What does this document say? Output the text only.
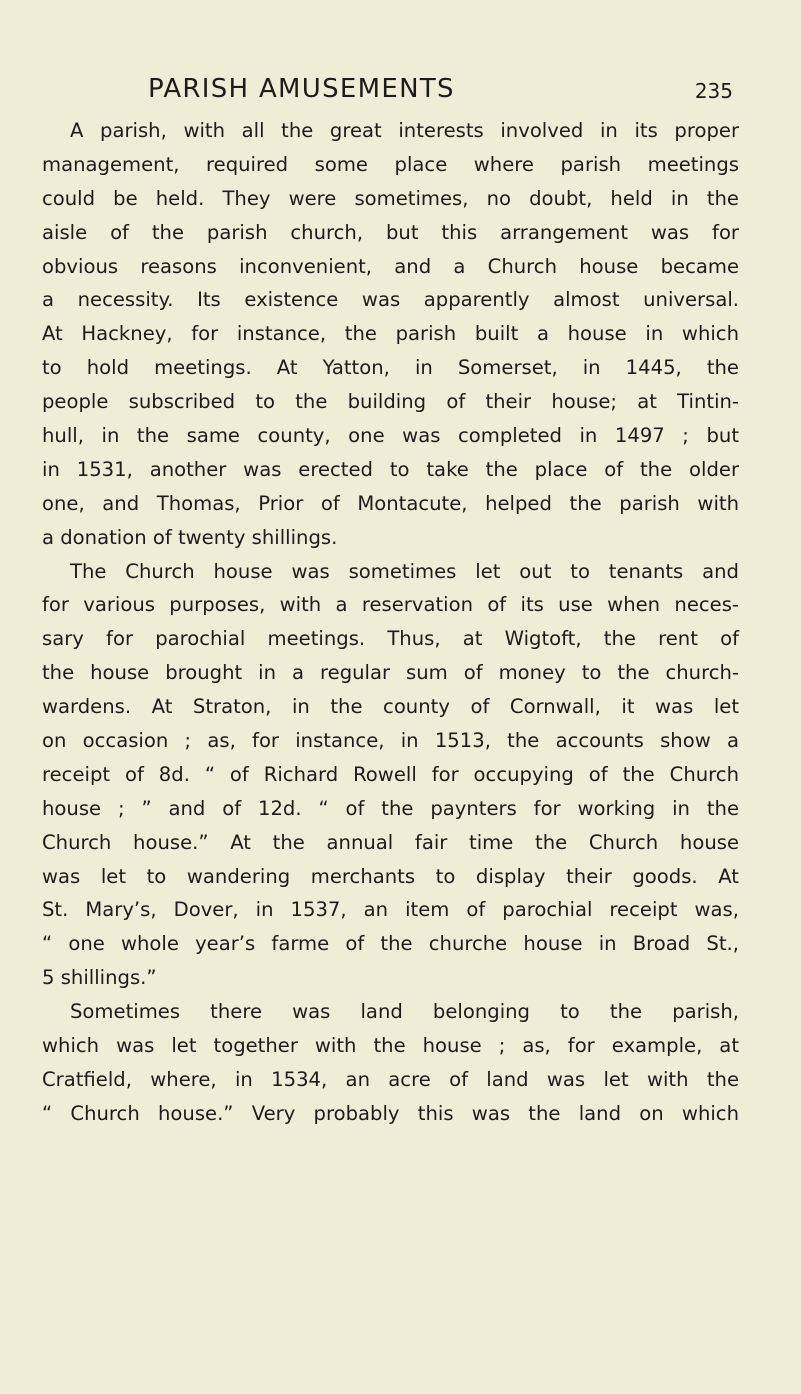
PARISH AMUSEMENTS	235
A parish, with all the great interests involved in its proper
management, required some place where parish meetings
could be held. They were sometimes, no doubt, held in the
aisle of the parish church, but this arrangement was for
obvious reasons inconvenient, and a Church house became
a necessity. Its existence was apparently almost universal.
At Hackney, for instance, the parish built a house in which
to hold meetings. At Yatton, in Somerset, in 1445, the
people subscribed to the building of their house; at Tintin-
hull, in the same county, one was completed in 1497 ; but
in 1531, another was erected to take the place of the older
one, and Thomas, Prior of Montacute, helped the parish with
a donation of twenty shillings.
The Church house was sometimes let out to tenants and
for various purposes, with a reservation of its use when neces-
sary for parochial meetings. Thus, at Wigtoft, the rent of
the house brought in a regular sum of money to the church-
wardens. At Straton, in the county of Cornwall, it was let
on occasion ; as, for instance, in 1513, the accounts show a
receipt of 8d. “ of Richard Rowell for occupying of the Church
house ; ” and of 12d. “ of the paynters for working in the
Church house.” At the annual fair time the Church house
was let to wandering merchants to display their goods. At
St. Mary’s, Dover, in 1537, an item of parochial receipt was,
“ one whole year’s farme of the churche house in Broad St.,
5 shillings.”
Sometimes there was land belonging to the parish,
which was let together with the house ; as, for example, at
Cratfield, where, in 1534, an acre of land was let with the
“ Church house.” Very probably this was the land on which
